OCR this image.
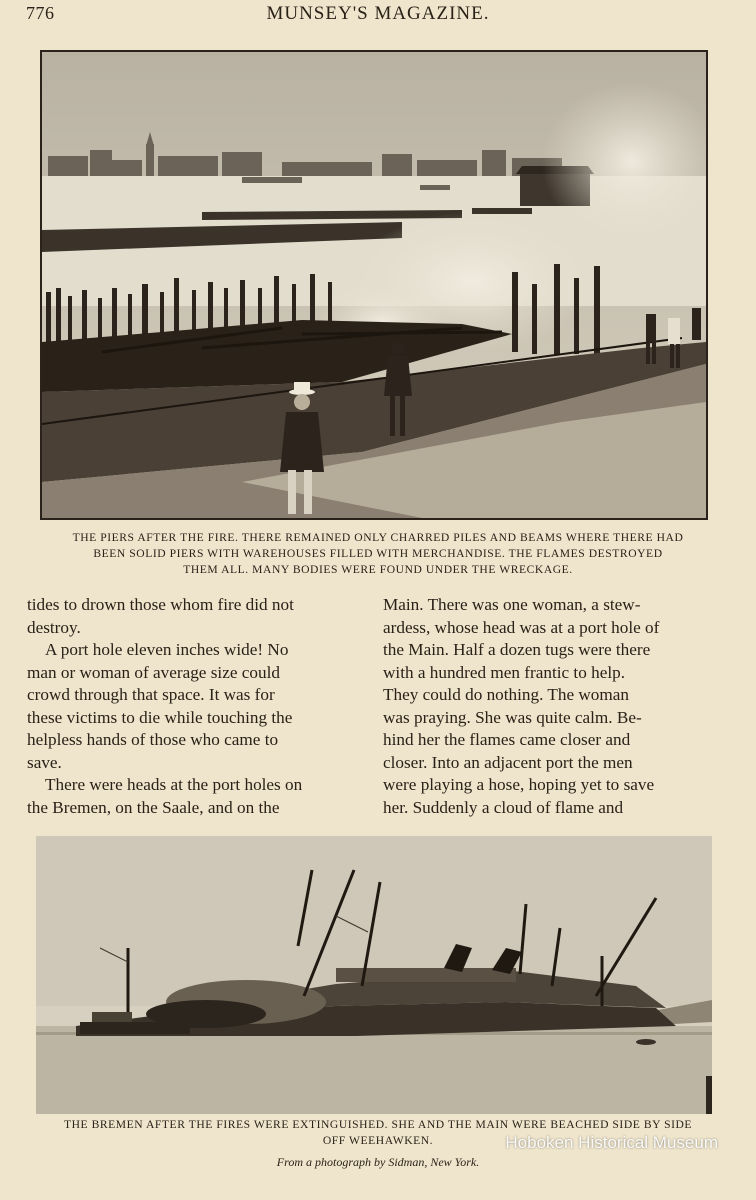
776	MUNSEY'S MAGAZINE.
THE PIERS AFTER THE FIRE. THERE REMAINED ONLY CHARRED PILES AND BEAMS WHERE THERE HAD
BEEN SOLID PIERS WITH WAREHOUSES FILLED WITH MERCHANDISE. THE FLAMES DESTROYED
THEM ALL. MANY BODIES WERE FOUND UNDER THE WRECKAGE.
tides to drown those whom fire did not
destroy.
A port hole eleven inches wide! No
man or woman of average size could
crowd through that space. It was for
these victims to die while touching the
helpless hands of those who came to
save.
There were heads at the port holes on
the Bremen, on the Saale, and on the
Main. There was one woman, a stew-
ardess, whose head was at a port hole of
the Main. Half a dozen tugs were there
with a hundred men frantic to help.
They could do nothing. The woman
was praying. She was quite calm. Be-
hind her the flames came closer and
closer. Into an adjacent port the men
were playing a hose, hoping yet to save
her. Suddenly a cloud of flame and
THE BREMEN AFTER THE FIRES WERE EXTINGUISHED. SHE AND THE MAIN WERE BEACHED SIDE BY SIDE
OFF WEEHAWKEN.
From a photograph by Sidman, New York.
Hoboken Historical Museum
